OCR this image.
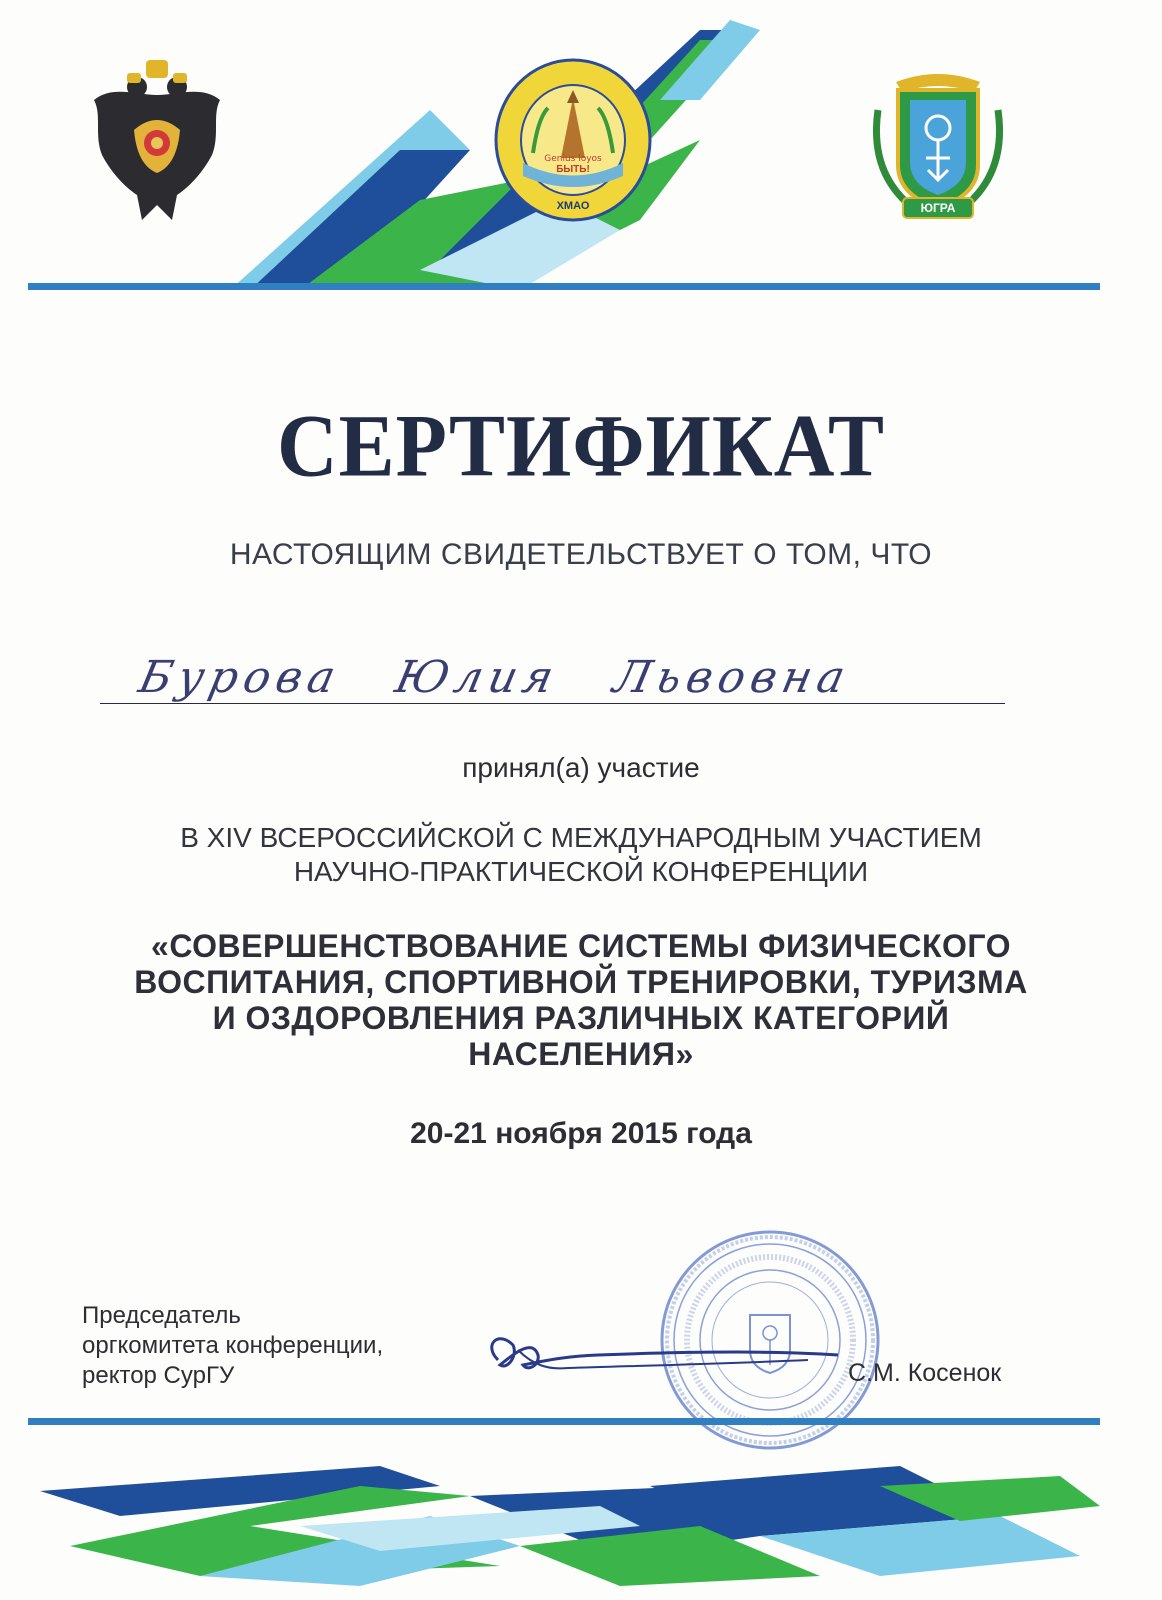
Genius loyos
БЫТЬ!
ХМАО	ЮГРА
СЕРТИФИКАТ
НАСТОЯЩИМ СВИДЕТЕЛЬСТВУЕТ О ТОМ, ЧТО
Бурова Юлия Львовна
принял(а) участие
В XIV ВСЕРОССИЙСКОЙ С МЕЖДУНАРОДНЫМ УЧАСТИЕМ
НАУЧНО-ПРАКТИЧЕСКОЙ КОНФЕРЕНЦИИ
«СОВЕРШЕНСТВОВАНИЕ СИСТЕМЫ ФИЗИЧЕСКОГО
ВОСПИТАНИЯ, СПОРТИВНОЙ ТРЕНИРОВКИ, ТУРИЗМА
И ОЗДОРОВЛЕНИЯ РАЗЛИЧНЫХ КАТЕГОРИЙ
НАСЕЛЕНИЯ»
20-21 ноября 2015 года
Председатель
оргкомитета конференции,
ректор СурГУ	С.М. Косенок
